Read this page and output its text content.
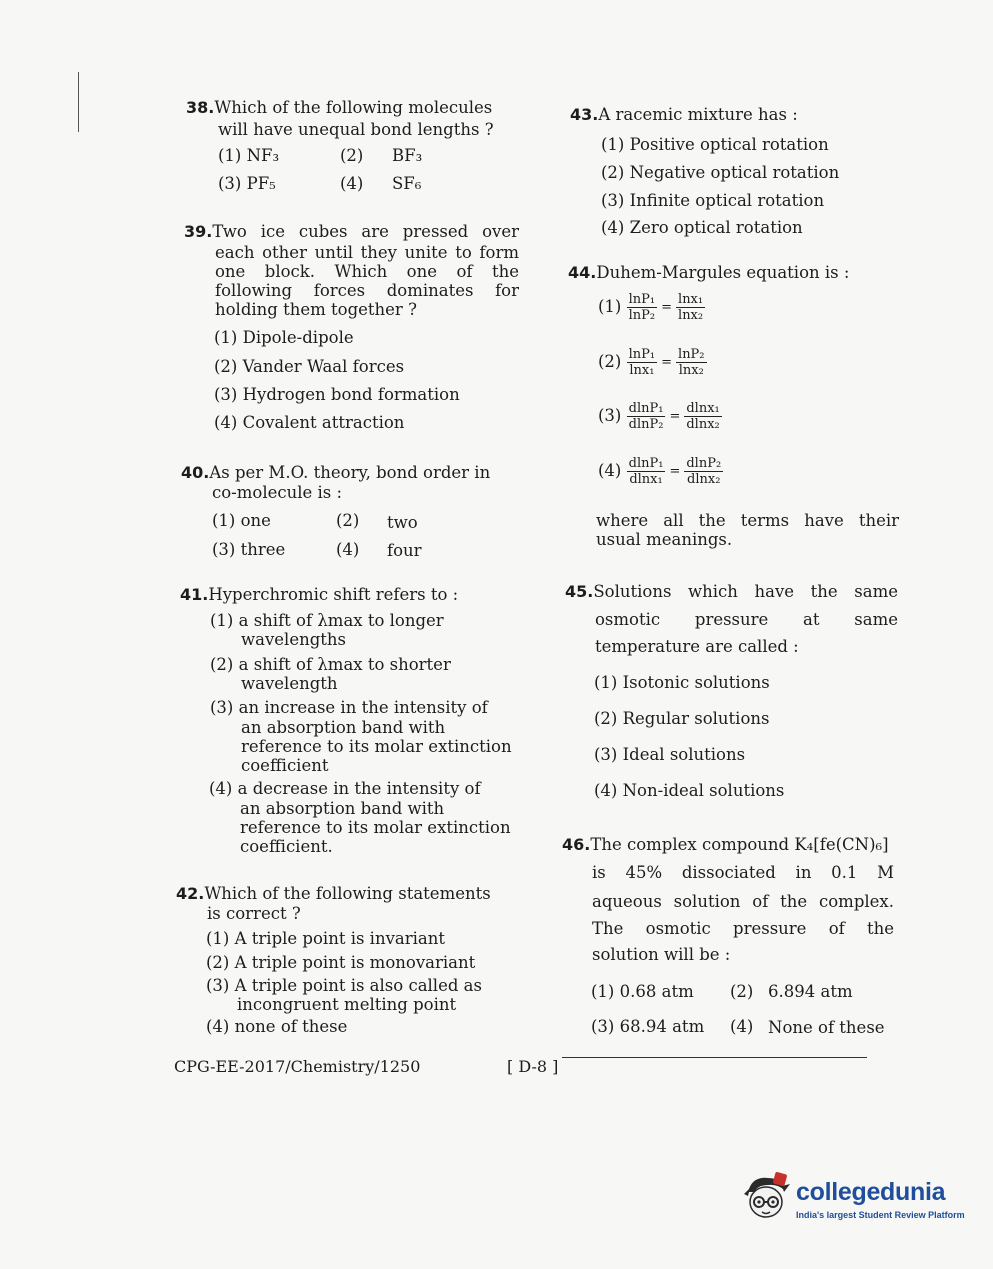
38.Which of the following molecules
will have unequal bond lengths ?
(1) NF₃	(2) BF₃
(3) PF₅	(4) SF₆
39.Two ice cubes are pressed over
each other until they unite to form
one block. Which one of the
following forces dominates for
holding them together ?
(1) Dipole-dipole
(2) Vander Waal forces
(3) Hydrogen bond formation
(4) Covalent attraction
40.As per M.O. theory, bond order in
co-molecule is :
(1) one	(2) two
(3) three	(4) four
41.Hyperchromic shift refers to :
(1) a shift of λmax to longer
wavelengths
(2) a shift of λmax to shorter
wavelength
(3) an increase in the intensity of
an absorption band with
reference to its molar extinction
coefficient
(4) a decrease in the intensity of
an absorption band with
reference to its molar extinction
coefficient.
42.Which of the following statements
is correct ?
(1) A triple point is invariant
(2) A triple point is monovariant
(3) A triple point is also called as
incongruent melting point
(4) none of these
43.A racemic mixture has :
(1) Positive optical rotation
(2) Negative optical rotation
(3) Infinite optical rotation
(4) Zero optical rotation
44.Duhem-Margules equation is :
$(1) \frac{\text{lnP₁}}{\text{lnP₂}} = \frac{\text{lnx₁}}{\text{lnx₂}}$
$(2) \frac{\text{lnP₁}}{\text{lnx₁}} = \frac{\text{lnP₂}}{\text{lnx₂}}$
$(3) \frac{\text{dlnP₁}}{\text{dlnP₂}} = \frac{\text{dlnx₁}}{\text{dlnx₂}}$
$(4) \frac{\text{dlnP₁}}{\text{dlnx₁}} = \frac{\text{dlnP₂}}{\text{dlnx₂}}$
where all the terms have their
usual meanings.
45.Solutions which have the same
osmotic pressure at same
temperature are called :
(1) Isotonic solutions
(2) Regular solutions
(3) Ideal solutions
(4) Non-ideal solutions
46.The complex compound K₄[fe(CN)₆]
is 45% dissociated in 0.1 M
aqueous solution of the complex.
The osmotic pressure of the
solution will be :
(1) 0.68 atm (2) 6.894 atm
(3) 68.94 atm (4) None of these
CPG-EE-2017/Chemistry/1250	[ D-8 ]
collegedunia
India's largest Student Review Platform
